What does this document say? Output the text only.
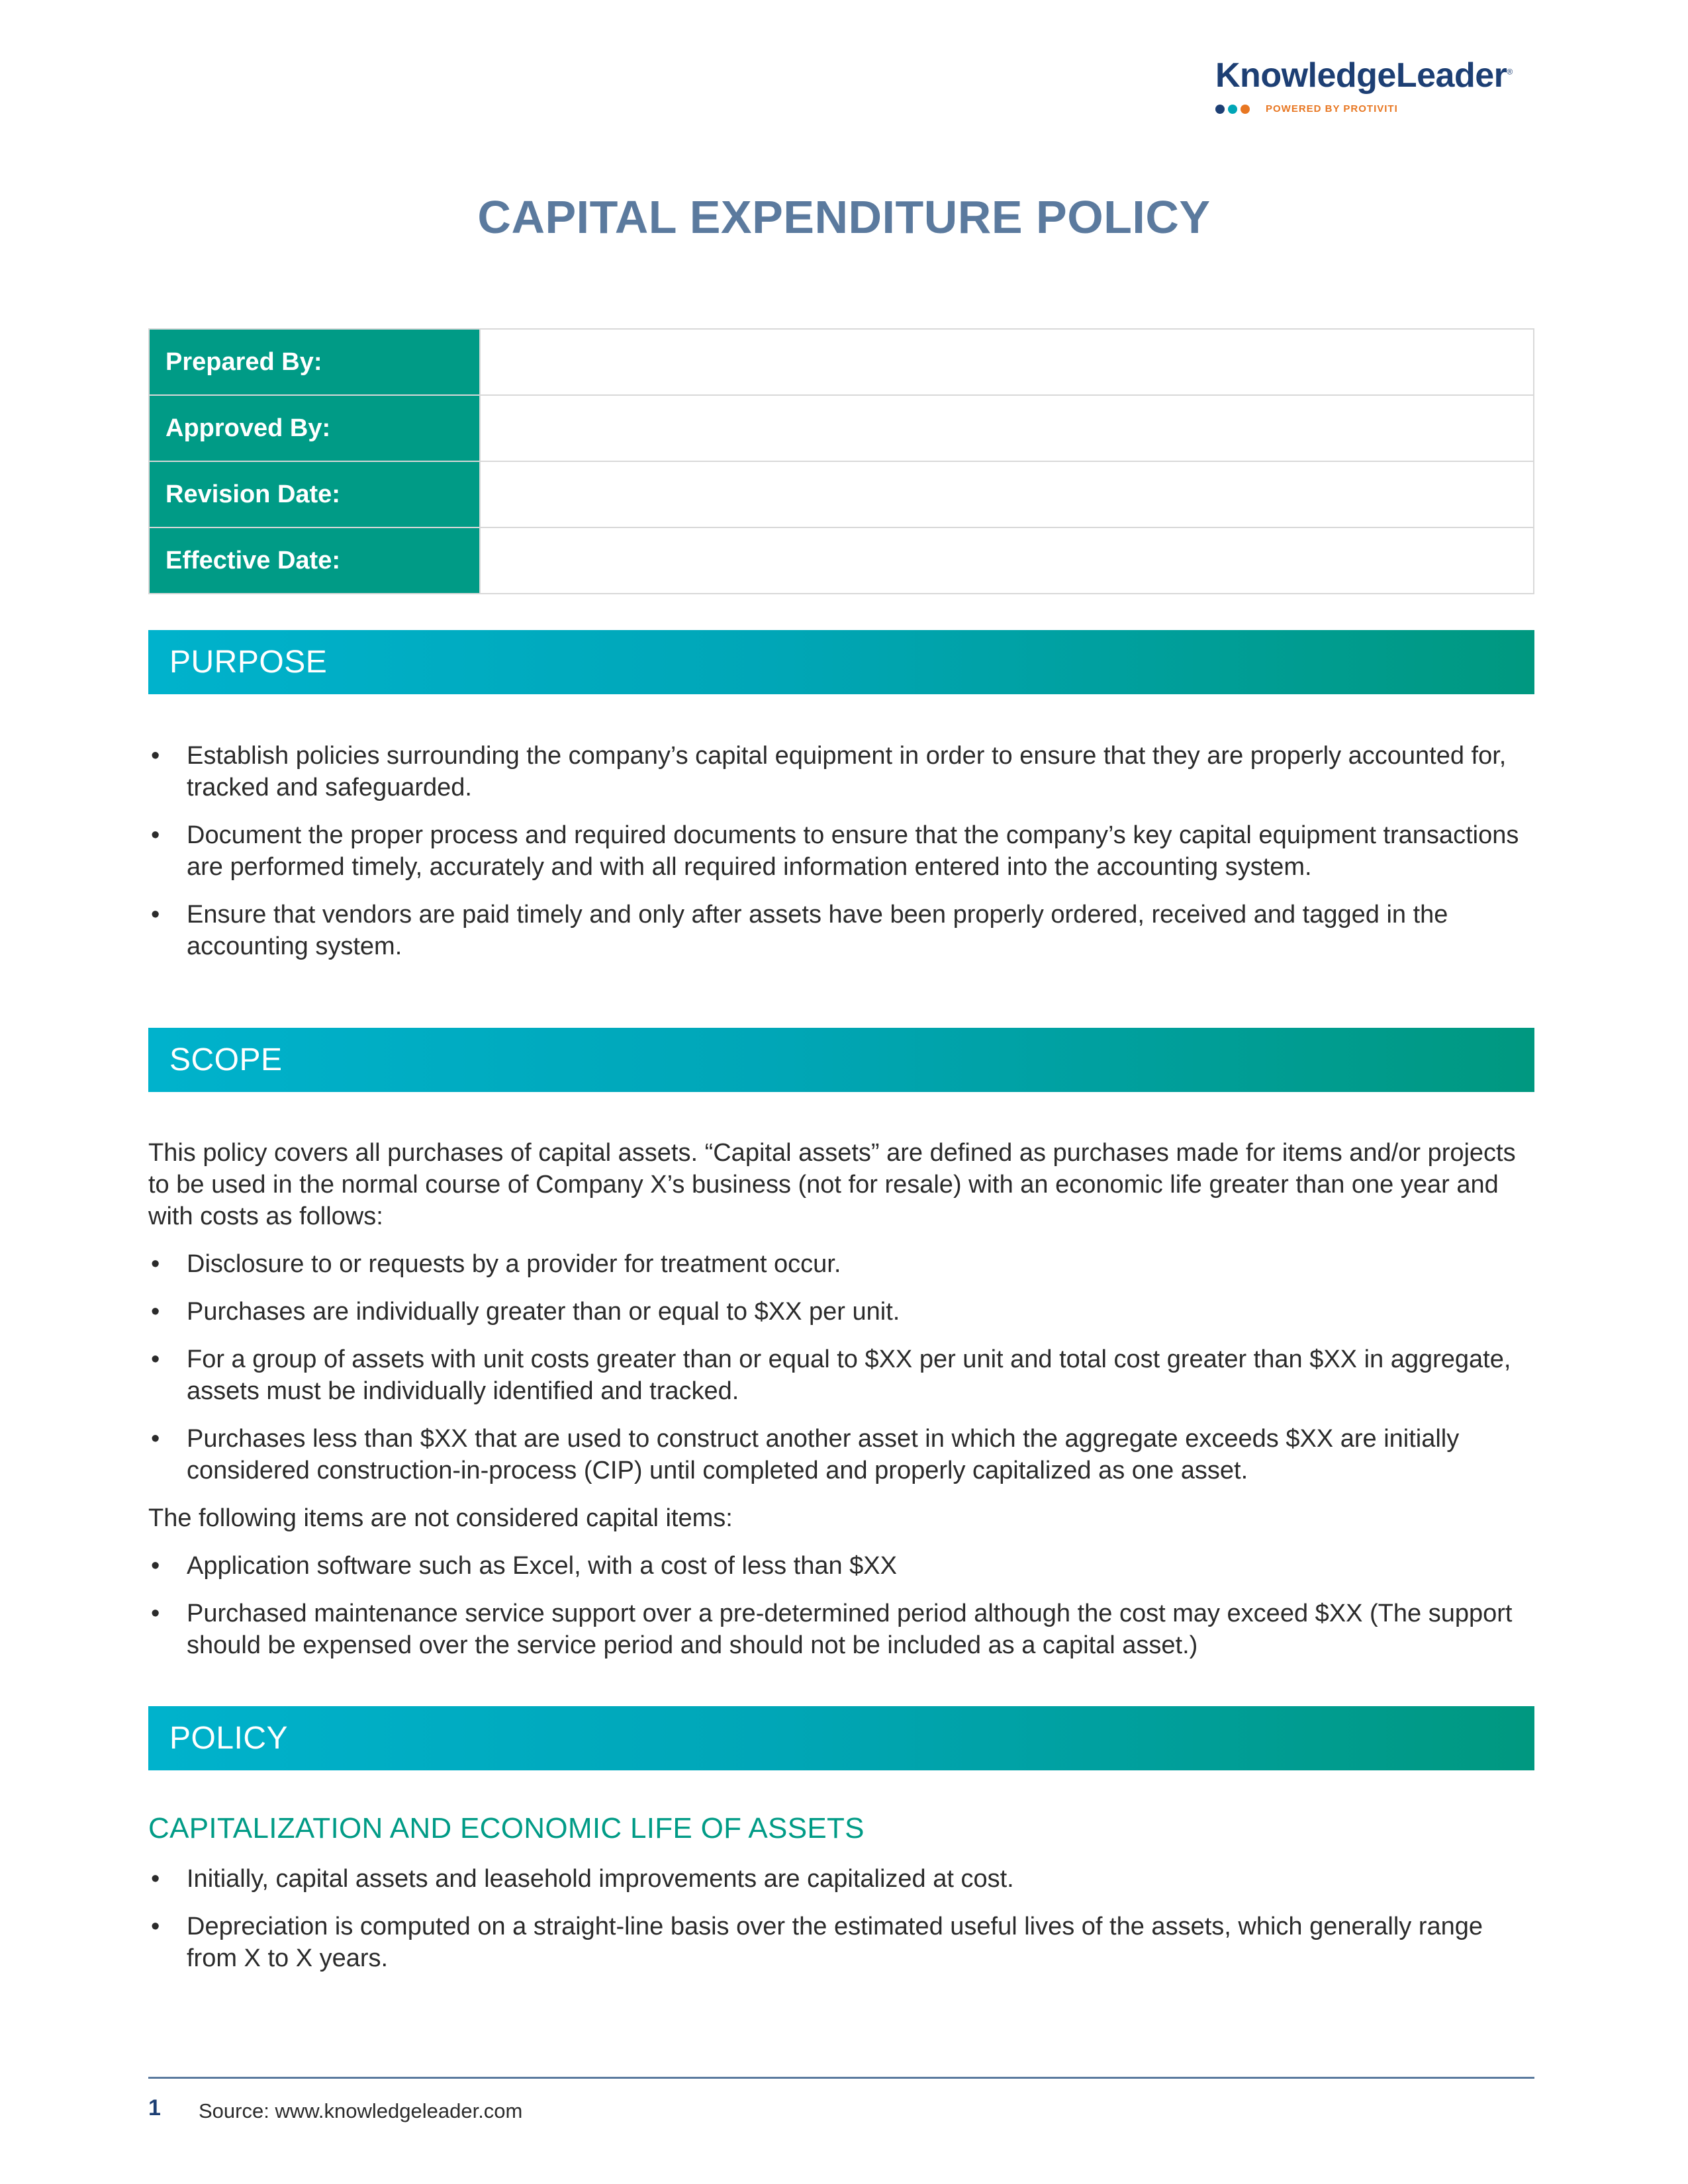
KnowledgeLeader®
POWERED BY PROTIVITI
CAPITAL EXPENDITURE POLICY
Prepared By:	
Approved By:	
Revision Date:	
Effective Date:	
PURPOSE
• Establish policies surrounding the company’s capital equipment in order to ensure that they are properly accounted for, tracked and safeguarded.
• Document the proper process and required documents to ensure that the company’s key capital equipment transactions are performed timely, accurately and with all required information entered into the accounting system.
• Ensure that vendors are paid timely and only after assets have been properly ordered, received and tagged in the accounting system.
SCOPE

This policy covers all purchases of capital assets. “Capital assets” are defined as purchases made for items and/or projects to be used in the normal course of Company X’s business (not for resale) with an economic life greater than one year and with costs as follows:

• Disclosure to or requests by a provider for treatment occur.
• Purchases are individually greater than or equal to $XX per unit.
• For a group of assets with unit costs greater than or equal to $XX per unit and total cost greater than $XX in aggregate, assets must be individually identified and tracked.
• Purchases less than $XX that are used to construct another asset in which the aggregate exceeds $XX are initially considered construction-in-process (CIP) until completed and properly capitalized as one asset.

The following items are not considered capital items:

• Application software such as Excel, with a cost of less than $XX
• Purchased maintenance service support over a pre-determined period although the cost may exceed $XX (The support should be expensed over the service period and should not be included as a capital asset.)
POLICY
CAPITALIZATION AND ECONOMIC LIFE OF ASSETS
• Initially, capital assets and leasehold improvements are capitalized at cost.
• Depreciation is computed on a straight-line basis over the estimated useful lives of the assets, which generally range from X to X years.
1 Source: www.knowledgeleader.com
